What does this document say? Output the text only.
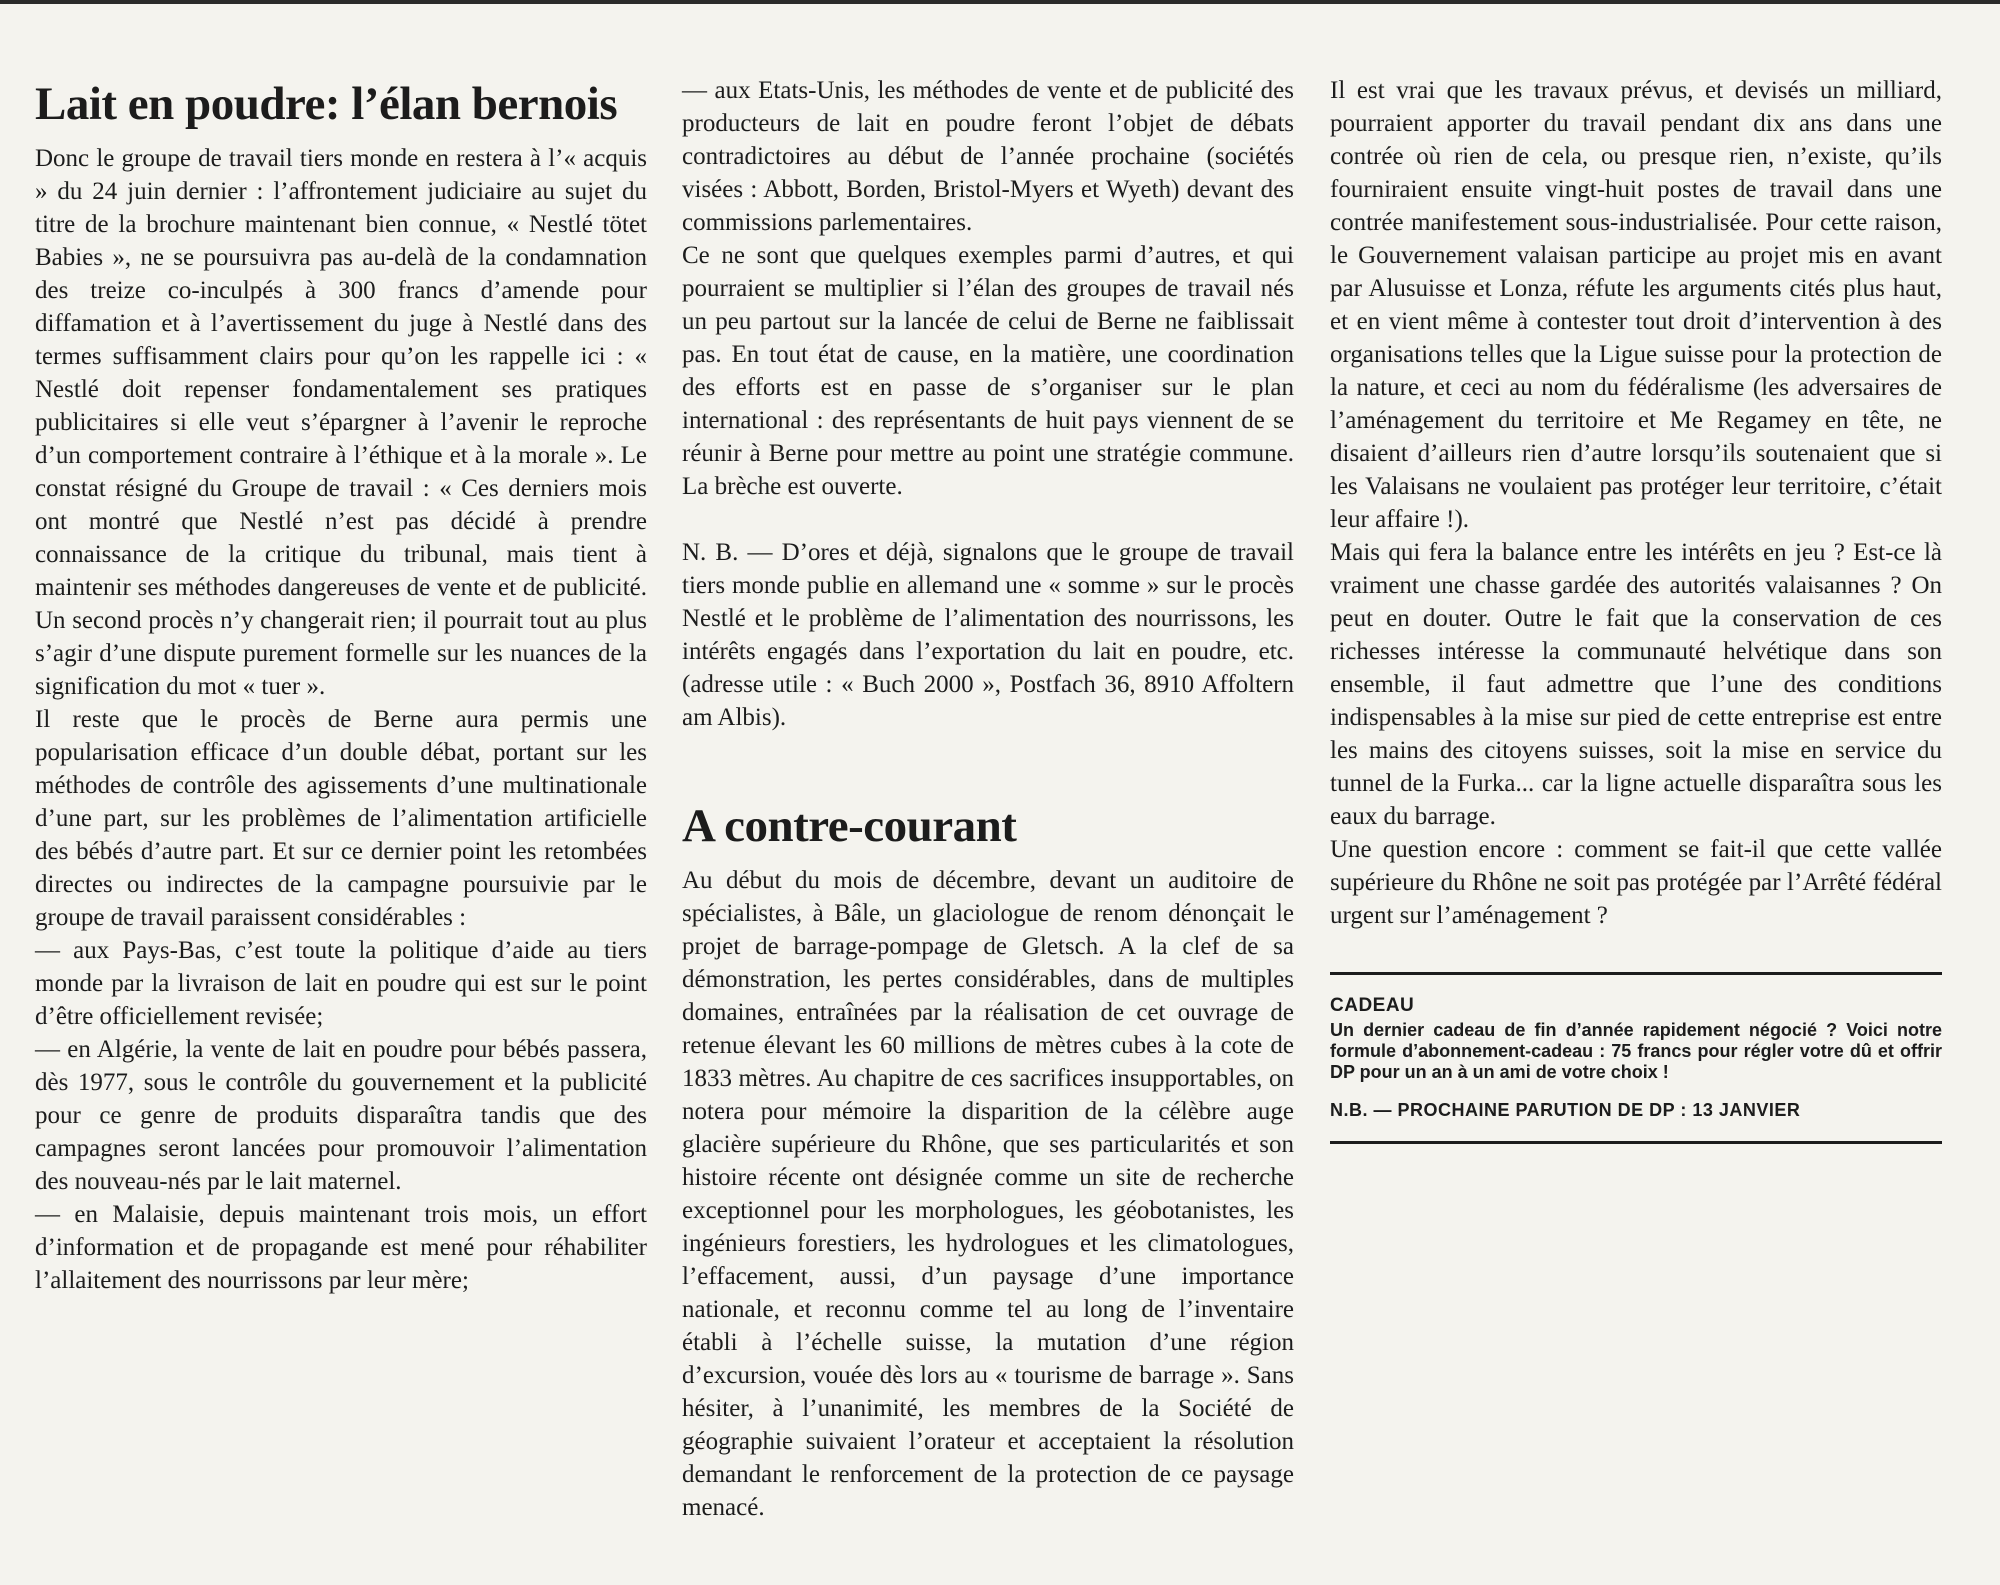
Lait en poudre: l’élan bernois

Donc le groupe de travail tiers monde en restera à l’« acquis » du 24 juin dernier : l’affrontement judiciaire au sujet du titre de la brochure maintenant bien connue, « Nestlé tötet Babies », ne se poursuivra pas au-delà de la condamnation des treize co-inculpés à 300 francs d’amende pour diffamation et à l’avertissement du juge à Nestlé dans des termes suffisamment clairs pour qu’on les rappelle ici : « Nestlé doit repenser fondamentalement ses pratiques publicitaires si elle veut s’épargner à l’avenir le reproche d’un comportement contraire à l’éthique et à la morale ». Le constat résigné du Groupe de travail : « Ces derniers mois ont montré que Nestlé n’est pas décidé à prendre connaissance de la critique du tribunal, mais tient à maintenir ses méthodes dangereuses de vente et de publicité. Un second procès n’y changerait rien; il pourrait tout au plus s’agir d’une dispute purement formelle sur les nuances de la signification du mot « tuer ».

Il reste que le procès de Berne aura permis une popularisation efficace d’un double débat, portant sur les méthodes de contrôle des agissements d’une multinationale d’une part, sur les problèmes de l’alimentation artificielle des bébés d’autre part. Et sur ce dernier point les retombées directes ou indirectes de la campagne poursuivie par le groupe de travail paraissent considérables :

— aux Pays-Bas, c’est toute la politique d’aide au tiers monde par la livraison de lait en poudre qui est sur le point d’être officiellement revisée;

— en Algérie, la vente de lait en poudre pour bébés passera, dès 1977, sous le contrôle du gouvernement et la publicité pour ce genre de produits disparaîtra tandis que des campagnes seront lancées pour promouvoir l’alimentation des nouveau-nés par le lait maternel.

— en Malaisie, depuis maintenant trois mois, un effort d’information et de propagande est mené pour réhabiliter l’allaitement des nourrissons par leur mère;

— aux Etats-Unis, les méthodes de vente et de publicité des producteurs de lait en poudre feront l’objet de débats contradictoires au début de l’année prochaine (sociétés visées : Abbott, Borden, Bristol-Myers et Wyeth) devant des commissions parlementaires.

Ce ne sont que quelques exemples parmi d’autres, et qui pourraient se multiplier si l’élan des groupes de travail nés un peu partout sur la lancée de celui de Berne ne faiblissait pas. En tout état de cause, en la matière, une coordination des efforts est en passe de s’organiser sur le plan international : des représentants de huit pays viennent de se réunir à Berne pour mettre au point une stratégie commune. La brèche est ouverte.

N. B. — D’ores et déjà, signalons que le groupe de travail tiers monde publie en allemand une « somme » sur le procès Nestlé et le problème de l’alimentation des nourrissons, les intérêts engagés dans l’exportation du lait en poudre, etc. (adresse utile : « Buch 2000 », Postfach 36, 8910 Affoltern am Albis).

A contre-courant

Au début du mois de décembre, devant un auditoire de spécialistes, à Bâle, un glaciologue de renom dénonçait le projet de barrage-pompage de Gletsch. A la clef de sa démonstration, les pertes considérables, dans de multiples domaines, entraînées par la réalisation de cet ouvrage de retenue élevant les 60 millions de mètres cubes à la cote de 1833 mètres. Au chapitre de ces sacrifices insupportables, on notera pour mémoire la disparition de la célèbre auge glacière supérieure du Rhône, que ses particularités et son histoire récente ont désignée comme un site de recherche exceptionnel pour les morphologues, les géobotanistes, les ingénieurs forestiers, les hydrologues et les climatologues, l’effacement, aussi, d’un paysage d’une importance nationale, et reconnu comme tel au long de l’inventaire établi à l’échelle suisse, la mutation d’une région d’excursion, vouée dès lors au « tourisme de barrage ». Sans hésiter, à l’unanimité, les membres de la Société de géographie suivaient l’orateur et acceptaient la résolution demandant le renforcement de la protection de ce paysage menacé.

Il est vrai que les travaux prévus, et devisés un milliard, pourraient apporter du travail pendant dix ans dans une contrée où rien de cela, ou presque rien, n’existe, qu’ils fourniraient ensuite vingt-huit postes de travail dans une contrée manifestement sous-industrialisée. Pour cette raison, le Gouvernement valaisan participe au projet mis en avant par Alusuisse et Lonza, réfute les arguments cités plus haut, et en vient même à contester tout droit d’intervention à des organisations telles que la Ligue suisse pour la protection de la nature, et ceci au nom du fédéralisme (les adversaires de l’aménagement du territoire et Me Regamey en tête, ne disaient d’ailleurs rien d’autre lorsqu’ils soutenaient que si les Valaisans ne voulaient pas protéger leur territoire, c’était leur affaire !).

Mais qui fera la balance entre les intérêts en jeu ? Est-ce là vraiment une chasse gardée des autorités valaisannes ? On peut en douter. Outre le fait que la conservation de ces richesses intéresse la communauté helvétique dans son ensemble, il faut admettre que l’une des conditions indispensables à la mise sur pied de cette entreprise est entre les mains des citoyens suisses, soit la mise en service du tunnel de la Furka... car la ligne actuelle disparaîtra sous les eaux du barrage.

Une question encore : comment se fait-il que cette vallée supérieure du Rhône ne soit pas protégée par l’Arrêté fédéral urgent sur l’aménagement ?

CADEAU

Un dernier cadeau de fin d’année rapidement négocié ? Voici notre formule d’abonnement-cadeau : 75 francs pour régler votre dû et offrir DP pour un an à un ami de votre choix !

N.B. — PROCHAINE PARUTION DE DP : 13 JANVIER
